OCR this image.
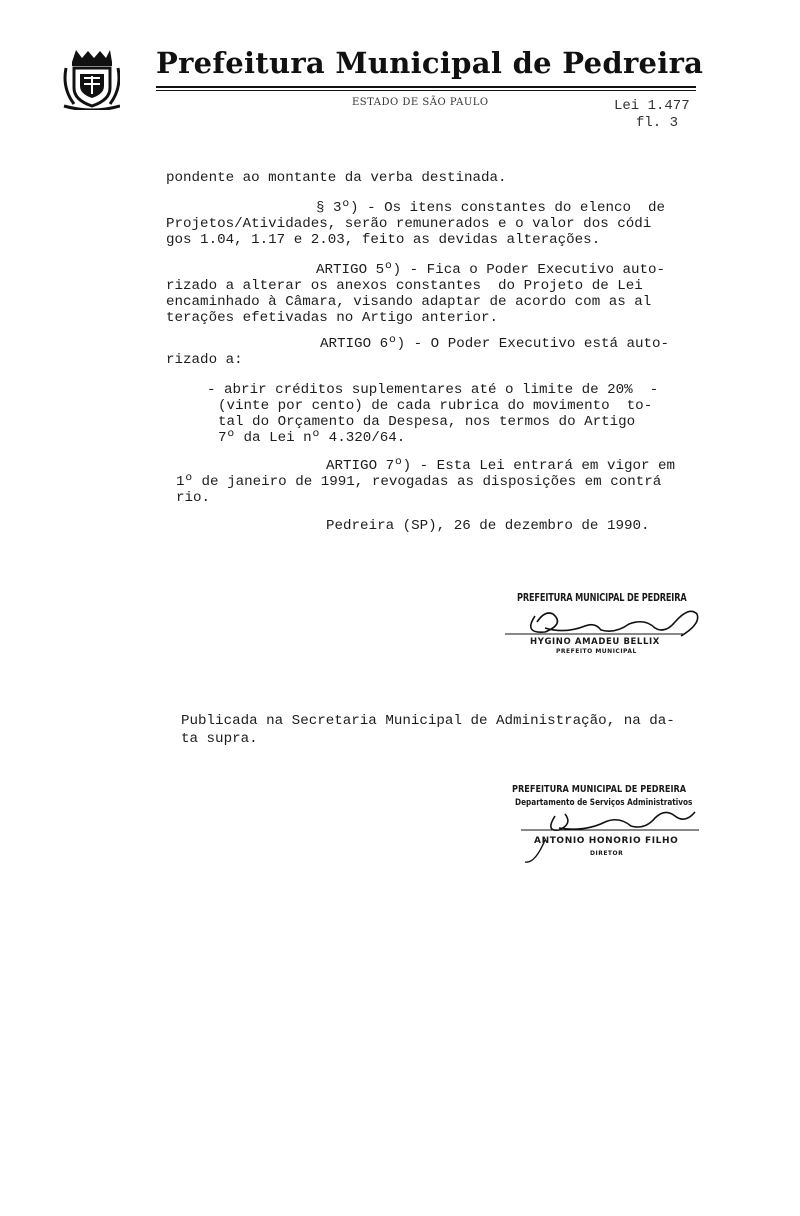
Prefeitura Municipal de Pedreira
ESTADO DE SÃO PAULO	Lei 1.477
fl. 3
pondente ao montante da verba destinada.
§ 3º) - Os itens constantes do elenco  de
Projetos/Atividades, serão remunerados e o valor dos códi
gos 1.04, 1.17 e 2.03, feito as devidas alterações.
ARTIGO 5º) - Fica o Poder Executivo auto-
rizado a alterar os anexos constantes  do Projeto de Lei
encaminhado à Câmara, visando adaptar de acordo com as al
terações efetivadas no Artigo anterior.
ARTIGO 6º) - O Poder Executivo está auto-
rizado a:
- abrir créditos suplementares até o limite de 20%  -
(vinte por cento) de cada rubrica do movimento  to-
tal do Orçamento da Despesa, nos termos do Artigo
7º da Lei nº 4.320/64.
ARTIGO 7º) - Esta Lei entrará em vigor em
1º de janeiro de 1991, revogadas as disposições em contrá
rio.
Pedreira (SP), 26 de dezembro de 1990.
PREFEITURA MUNICIPAL DE PEDREIRA
HYGINO AMADEU BELLIX
PREFEITO MUNICIPAL
Publicada na Secretaria Municipal de Administração, na da-
ta supra.
PREFEITURA MUNICIPAL DE PEDREIRA
Departamento de Serviços Administrativos
ANTONIO HONORIO FILHO
DIRETOR
